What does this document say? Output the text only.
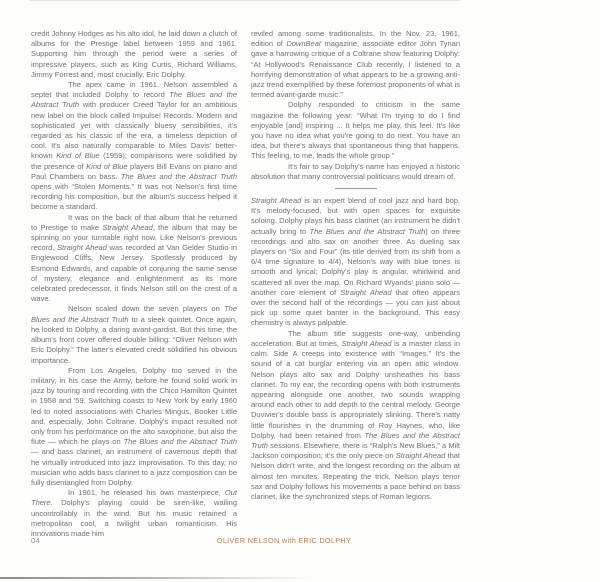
credit Johnny Hodges as his alto idol, he laid down a clutch of albums for the Prestige label between 1959 and 1961. Supporting him through the period were a series of impressive players, such as King Curtis, Richard Williams, Jimmy Forrest and, most crucially, Eric Dolphy.

The apex came in 1961. Nelson assembled a septet that included Dolphy to record The Blues and the Abstract Truth with producer Creed Taylor for an ambitious new label on the block called Impulse! Records. Modern and sophisticated yet with classically bluesy sensibilities, it's regarded as his classic of the era, a timeless depiction of cool. It's also naturally comparable to Miles Davis' better-known Kind of Blue (1959); comparisons were solidified by the presence of Kind of Blue players Bill Evans on piano and Paul Chambers on bass. The Blues and the Abstract Truth opens with “Stolen Moments.” It was not Nelson's first time recording his composition, but the album's success helped it become a standard.

It was on the back of that album that he returned to Prestige to make Straight Ahead, the album that may be spinning on your turntable right now. Like Nelson's previous record, Straight Ahead was recorded at Van Gelder Studio in Englewood Cliffs, New Jersey. Spotlessly produced by Esmond Edwards, and capable of conjuring the same sense of mystery, elegance and enlightenment as its more celebrated predecessor, it finds Nelson still on the crest of a wave.

Nelson scaled down the seven players on The Blues and the Abstract Truth to a sleek quintet. Once again, he looked to Dolphy, a daring avant-gardist. But this time, the album's front cover offered double billing: “Oliver Nelson with Eric Dolphy.” The latter's elevated credit solidified his obvious importance.

From Los Angeles, Dolphy too served in the military, in his case the Army, before he found solid work in jazz by touring and recording with the Chico Hamilton Quintet in 1958 and '59. Switching coasts to New York by early 1960 led to noted associations with Charles Mingus, Booker Little and, especially, John Coltrane. Dolphy's impact resulted not only from his performance on the alto saxophone, but also the flute — which he plays on The Blues and the Abstract Truth — and bass clarinet, an instrument of cavernous depth that he virtually introduced into jazz improvisation. To this day, no musician who adds bass clarinet to a jazz composition can be fully disentangled from Dolphy.

In 1961, he released his own masterpiece, Out There. Dolphy's playing could be siren-like, wailing uncontrollably in the wind. But his music retained a metropolitan cool, a twilight urban romanticism. His innovations made him

reviled among some traditionalists. In the Nov. 23, 1961, edition of DownBeat magazine, associate editor John Tynan gave a harrowing critique of a Coltrane show featuring Dolphy: “At Hollywood's Renaissance Club recently, I listened to a horrifying demonstration of what appears to be a growing anti-jazz trend exemplified by these foremost proponents of what is termed avant-garde music.”

Dolphy responded to criticism in the same magazine the following year: “What I'm trying to do I find enjoyable [and] inspiring ... It helps me play, this feel. It's like you have no idea what you're going to do next. You have an idea, but there's always that spontaneous thing that happens. This feeling, to me, leads the whole group.”

It's fair to say Dolphy's name has enjoyed a historic absolution that many controversial politicians would dream of.

Straight Ahead is an expert blend of cool jazz and hard bop. It's melody-focused, but with open spaces for exquisite soloing. Dolphy plays his bass clarinet (an instrument he didn't actually bring to The Blues and the Abstract Truth) on three recordings and alto sax on another three. As dueling sax players on “Six and Four” (its title derived from its shift from a 6/4 time signature to 4/4), Nelson's way with blue tones is smooth and lyrical; Dolphy's play is angular, whirlwind and scattered all over the map. On Richard Wyands' piano solo — another core element of Straight Ahead that often appears over the second half of the recordings — you can just about pick up some quiet banter in the background. This easy chemistry is always palpable.

The album title suggests one-way, unbending acceleration. But at times, Straight Ahead is a master class in calm. Side A creeps into existence with “Images.” It's the sound of a cat burglar entering via an open attic window. Nelson plays alto sax and Dolphy unsheathes his bass clarinet. To my ear, the recording opens with both instruments appearing alongside one another, two sounds wrapping around each other to add depth to the central melody. George Duvivier's double bass is appropriately slinking. There's natty little flourishes in the drumming of Roy Haynes, who, like Dolphy, had been retained from The Blues and the Abstract Truth sessions. Elsewhere, there is “Ralph's New Blues,” a Milt Jackson composition; it's the only piece on Straight Ahead that Nelson didn't write, and the longest recording on the album at almost ten minutes. Repeating the trick, Nelson plays tenor sax and Dolphy follows his movements a pace behind on bass clarinet, like the synchronized steps of Roman legions.

04	OLIVER NELSON with ERIC DOLPHY
